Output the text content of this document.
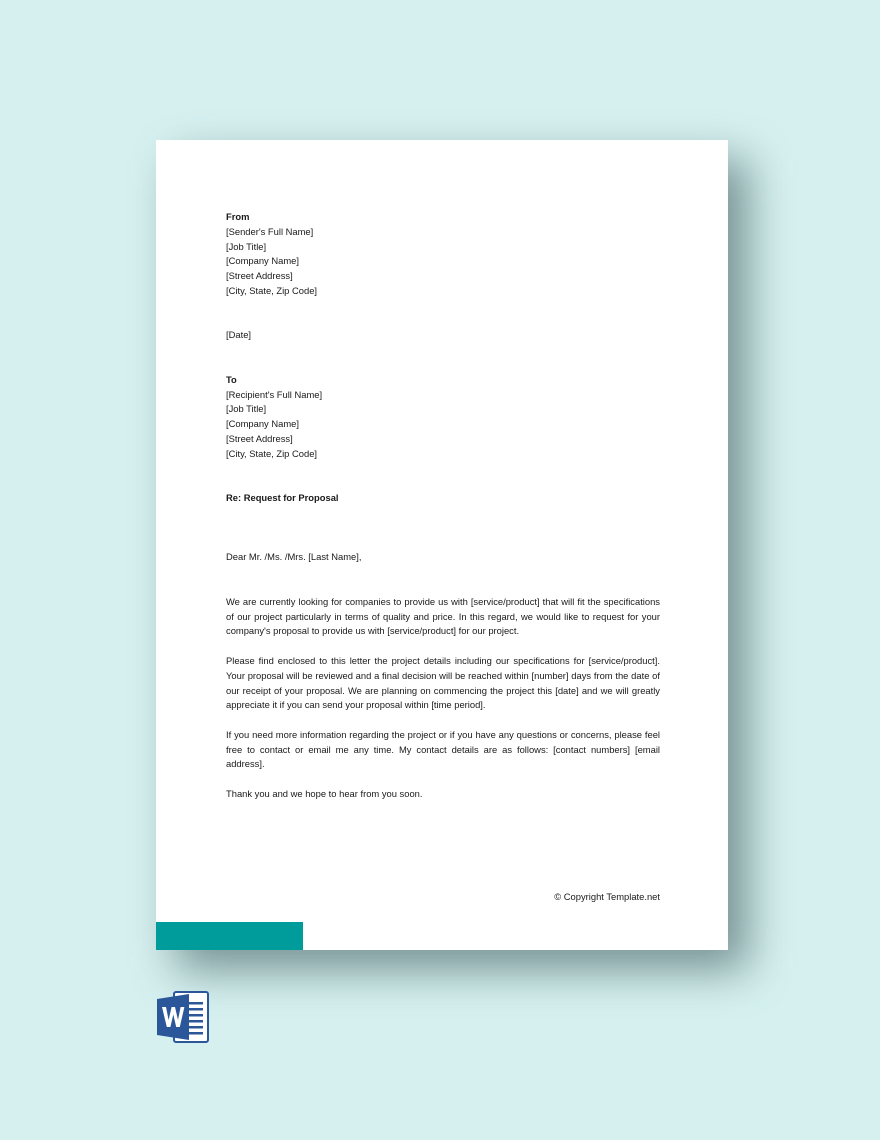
From
[Sender's Full Name]
[Job Title]
[Company Name]
[Street Address]
[City, State, Zip Code]
[Date]
To
[Recipient's Full Name]
[Job Title]
[Company Name]
[Street Address]
[City, State, Zip Code]
Re: Request for Proposal
Dear Mr. /Ms. /Mrs. [Last Name],

We are currently looking for companies to provide us with [service/product] that will fit the specifications of our project particularly in terms of quality and price. In this regard, we would like to request for your company's proposal to provide us with [service/product] for our project.

Please find enclosed to this letter the project details including our specifications for [service/product]. Your proposal will be reviewed and a final decision will be reached within [number] days from the date of our receipt of your proposal. We are planning on commencing the project this [date] and we will greatly appreciate it if you can send your proposal within [time period].

If you need more information regarding the project or if you have any questions or concerns, please feel free to contact or email me any time. My contact details are as follows: [contact numbers] [email address].

Thank you and we hope to hear from you soon.

© Copyright Template.net
